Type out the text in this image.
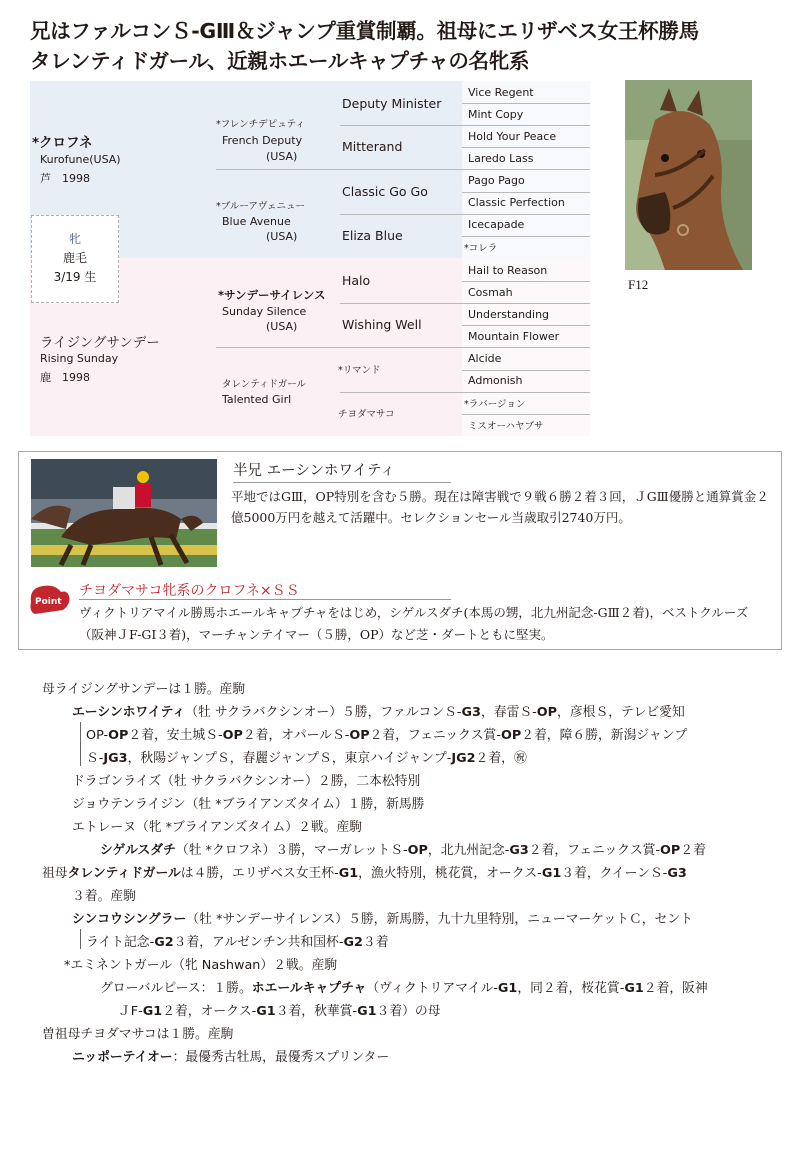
兄はファルコンＳ-GⅢ＆ジャンプ重賞制覇。祖母にエリザベス女王杯勝馬
タレンティドガール、近親ホエールキャプチャの名牝系
*クロフネ
Kurofune(USA)
芦　1998
牝
鹿毛
3/19 生
ライジングサンデー
Rising Sunday
鹿　1998
*フレンチデピュティ
French Deputy
(USA)
*ブルーアヴェニュー
Blue Avenue
(USA)
*サンデーサイレンス
Sunday Silence
(USA)
タレンティドガール
Talented Girl
Deputy Minister
Mitterand
Classic Go Go
Eliza Blue
Halo
Wishing Well
*リマンド
チヨダマサコ
Vice Regent
Mint Copy
Hold Your Peace
Laredo Lass
Pago Pago
Classic Perfection
Icecapade
*コレラ
Hail to Reason
Cosmah
Understanding
Mountain Flower
Alcide
Admonish
*ラバージョン
ミスオーハヤブサ
F12
半兄 エーシンホワイティ
平地ではGⅢ，OP特別を含む５勝。現在は障害戦で９戦６勝２着３回，ＪGⅢ優勝と通算賞金２億5000万円を越えて活躍中。セレクションセール当歳取引2740万円。
Point
チヨダマサコ牝系のクロフネ×ＳＳ
ヴィクトリアマイル勝馬ホエールキャプチャをはじめ，シゲルスダチ(本馬の甥，北九州記念-GⅢ２着)，ベストクルーズ（阪神ＪF-GⅠ３着)，マーチャンテイマー（５勝，OP）など芝・ダートともに堅実。
母ライジングサンデーは１勝。産駒
エーシンホワイティ（牡 サクラバクシンオー）５勝，ファルコンＳ-G3，春雷Ｓ-OP，彦根Ｓ，テレビ愛知
OP-OP２着，安土城Ｓ-OP２着，オパールＳ-OP２着，フェニックス賞-OP２着，障６勝，新潟ジャンプ
Ｓ-JG3，秋陽ジャンプＳ，春麗ジャンプＳ，東京ハイジャンプ-JG2２着，㊗
ドラゴンライズ（牡 サクラバクシンオー）２勝，二本松特別
ジョウテンライジン（牡 *ブライアンズタイム）１勝，新馬勝
エトレーヌ（牝 *ブライアンズタイム）２戦。産駒
シゲルスダチ（牡 *クロフネ）３勝，マーガレットＳ-OP，北九州記念-G3２着，フェニックス賞-OP２着
祖母タレンティドガールは４勝，エリザベス女王杯-G1，漁火特別，桃花賞，オークス-G1３着，クイーンＳ-G3
３着。産駒
シンコウシングラー（牡 *サンデーサイレンス）５勝，新馬勝，九十九里特別，ニューマーケットＣ，セント
ライト記念-G2３着，アルゼンチン共和国杯-G2３着
*エミネントガール（牝 Nashwan）２戦。産駒
グローバルピース：１勝。ホエールキャプチャ（ヴィクトリアマイル-G1，同２着，桜花賞-G1２着，阪神
ＪF-G1２着，オークス-G1３着，秋華賞-G1３着）の母
曽祖母チヨダマサコは１勝。産駒
ニッポーテイオー：最優秀古牡馬，最優秀スプリンター
